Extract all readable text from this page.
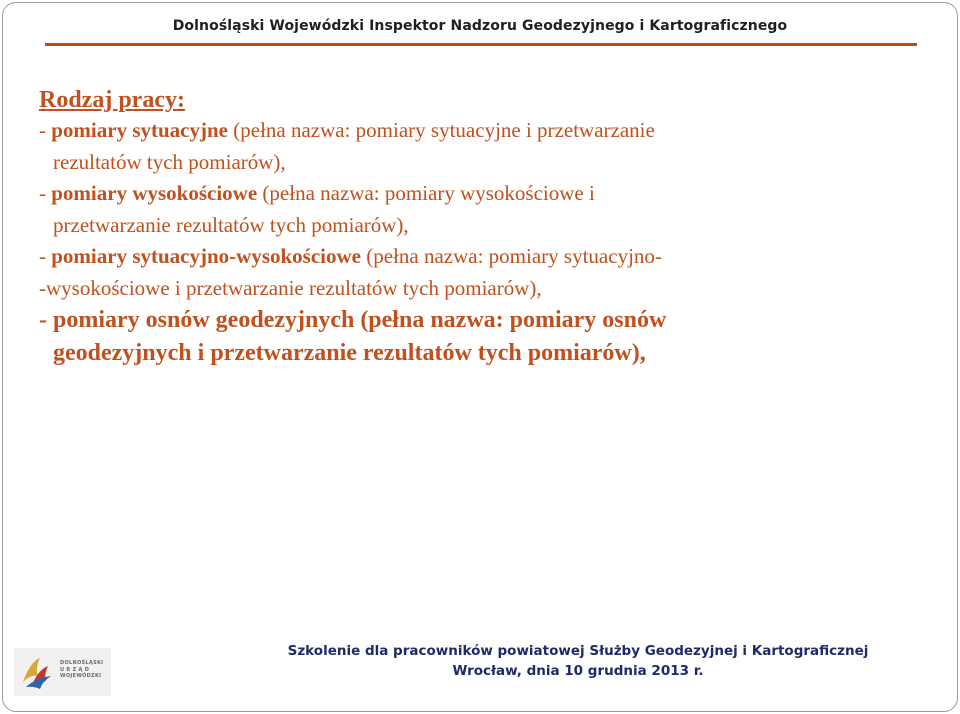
Dolnośląski Wojewódzki Inspektor Nadzoru Geodezyjnego i Kartograficznego

Rodzaj pracy:

- pomiary sytuacyjne (pełna nazwa: pomiary sytuacyjne i przetwarzanie
rezultatów tych pomiarów),

- pomiary wysokościowe (pełna nazwa: pomiary wysokościowe i
przetwarzanie rezultatów tych pomiarów),

- pomiary sytuacyjno-wysokościowe (pełna nazwa: pomiary sytuacyjno-
-wysokościowe i przetwarzanie rezultatów tych pomiarów),

- pomiary osnów geodezyjnych (pełna nazwa: pomiary osnów
geodezyjnych i przetwarzanie rezultatów tych pomiarów),

DOLNOŚLĄSKI
U R Z Ą D
WOJEWÓDZKI
Szkolenie dla pracowników powiatowej Służby Geodezyjnej i Kartograficznej
Wrocław, dnia 10 grudnia 2013 r.
